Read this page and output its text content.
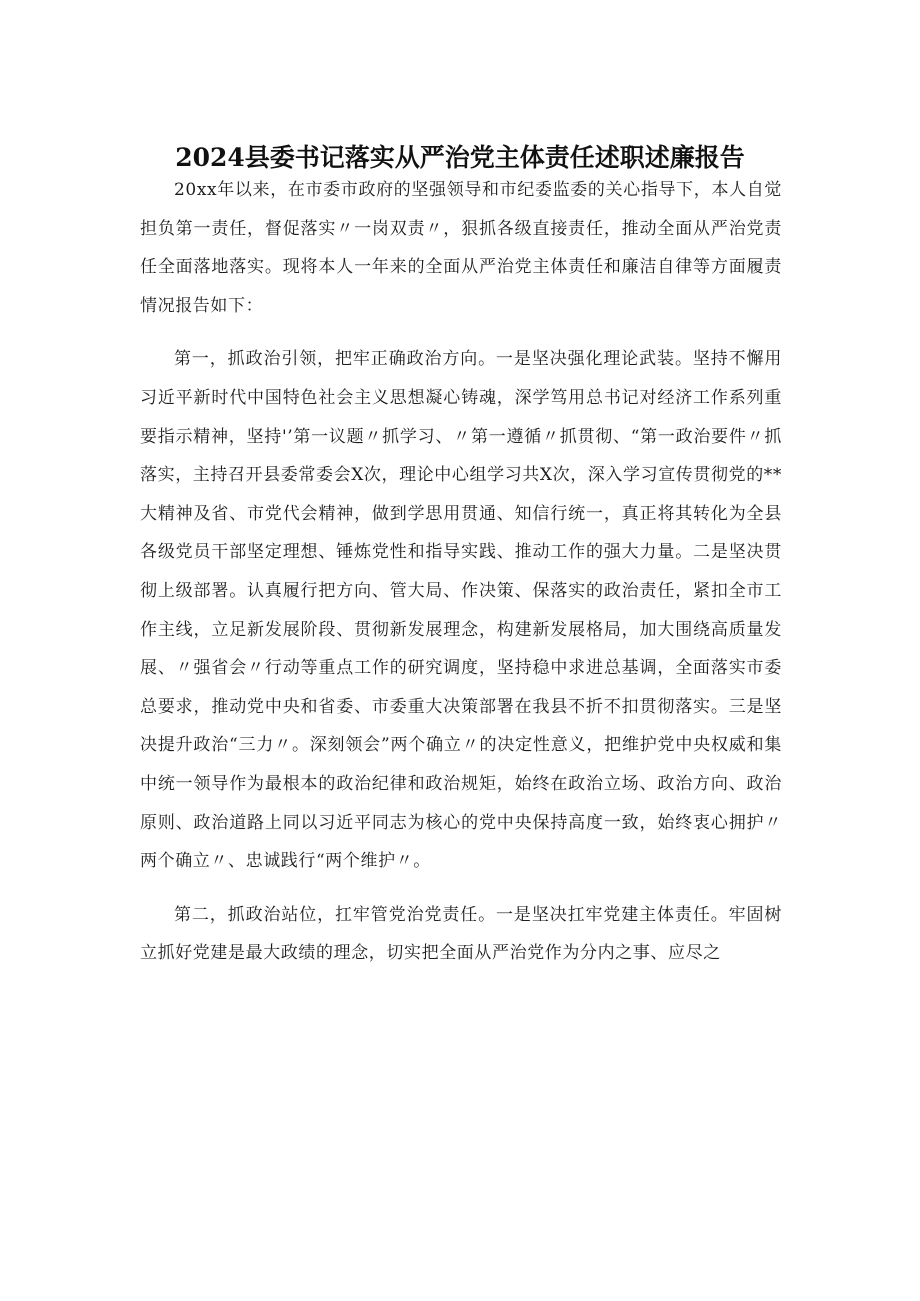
2024县委书记落实从严治党主体责任述职述廉报告

20xx年以来，在市委市政府的坚强领导和市纪委监委的关心指导下，本人自觉担负第一责任，督促落实〃一岗双责〃，狠抓各级直接责任，推动全面从严治党责任全面落地落实。现将本人一年来的全面从严治党主体责任和廉洁自律等方面履责情况报告如下：

第一，抓政治引领，把牢正确政治方向。一是坚决强化理论武装。坚持不懈用习近平新时代中国特色社会主义思想凝心铸魂，深学笃用总书记对经济工作系列重要指示精神，坚持'’第一议题〃抓学习、〃第一遵循〃抓贯彻、“第一政治要件〃抓落实，主持召开县委常委会X次，理论中心组学习共X次，深入学习宣传贯彻党的**大精神及省、市党代会精神，做到学思用贯通、知信行统一，真正将其转化为全县各级党员干部坚定理想、锤炼党性和指导实践、推动工作的强大力量。二是坚决贯彻上级部署。认真履行把方向、管大局、作决策、保落实的政治责任，紧扣全市工作主线，立足新发展阶段、贯彻新发展理念，构建新发展格局，加大围绕高质量发展、〃强省会〃行动等重点工作的研究调度，坚持稳中求进总基调，全面落实市委总要求，推动党中央和省委、市委重大决策部署在我县不折不扣贯彻落实。三是坚决提升政治“三力〃。深刻领会”两个确立〃的决定性意义，把维护党中央权威和集中统一领导作为最根本的政治纪律和政治规矩，始终在政治立场、政治方向、政治原则、政治道路上同以习近平同志为核心的党中央保持高度一致，始终衷心拥护〃两个确立〃、忠诚践行“两个维护〃。

第二，抓政治站位，扛牢管党治党责任。一是坚决扛牢党建主体责任。牢固树立抓好党建是最大政绩的理念，切实把全面从严治党作为分内之事、应尽之
